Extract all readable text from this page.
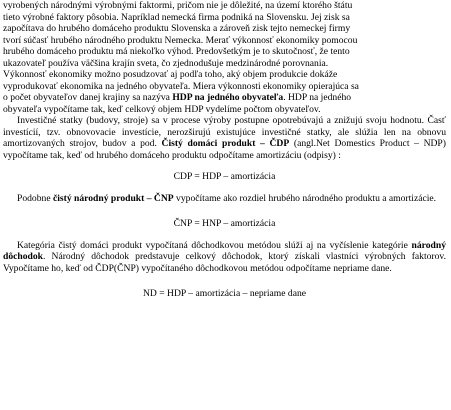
vyrobených národnými výrobnými faktormi, pričom nie je dôležité, na území ktorého štátu
tieto výrobné faktory pôsobia. Napríklad nemecká firma podniká na Slovensku. Jej zisk sa
započítava do hrubého domáceho produktu Slovenska a zároveň zisk tejto nemeckej firmy
tvorí súčasť hrubého národného produktu Nemecka. Merať výkonnosť ekonomiky pomocou
hrubého domáceho produktu má niekoľko výhod. Predovšetkým je to skutočnosť, že tento
ukazovateľ používa väčšina krajín sveta, čo zjednodušuje medzinárodné porovnania.
Výkonnosť ekonomiky možno posudzovať aj podľa toho, aký objem produkcie dokáže
vyprodukovať ekonomika na jedného obyvateľa. Miera výkonnosti ekonomiky opierajúca sa
o počet obyvateľov danej krajiny sa nazýva HDP na jedného obyvateľa. HDP na jedného
obyvateľa vypočítame tak, keď celkový objem HDP vydelíme počtom obyvateľov.

Investičné statky (budovy, stroje) sa v procese výroby postupne opotrebúvajú a znižujú svoju hodnotu. Časť investícií, tzv. obnovovacie investície, nerozširujú existujúce investičné statky, ale slúžia len na obnovu amortizovaných strojov, budov a pod. Čistý domáci produkt – ČDP (angl.Net Domestics Product – NDP) vypočítame tak, keď od hrubého domáceho produktu odpočítame amortizáciu (odpisy) :

CDP = HDP – amortizácia

Podobne čistý národný produkt – ČNP vypočítame ako rozdiel hrubého národného produktu a amortizácie.

ČNP = HNP – amortizácia

Kategória čistý domáci produkt vypočítaná dôchodkovou metódou slúži aj na vyčíslenie kategórie národný dôchodok. Národný dôchodok predstavuje celkový dôchodok, ktorý získali vlastníci výrobných faktorov. Vypočítame ho, keď od ČDP(ČNP) vypočítaného dôchodkovou metódou odpočítame nepriame dane.

ND = HDP – amortizácia – nepriame dane
